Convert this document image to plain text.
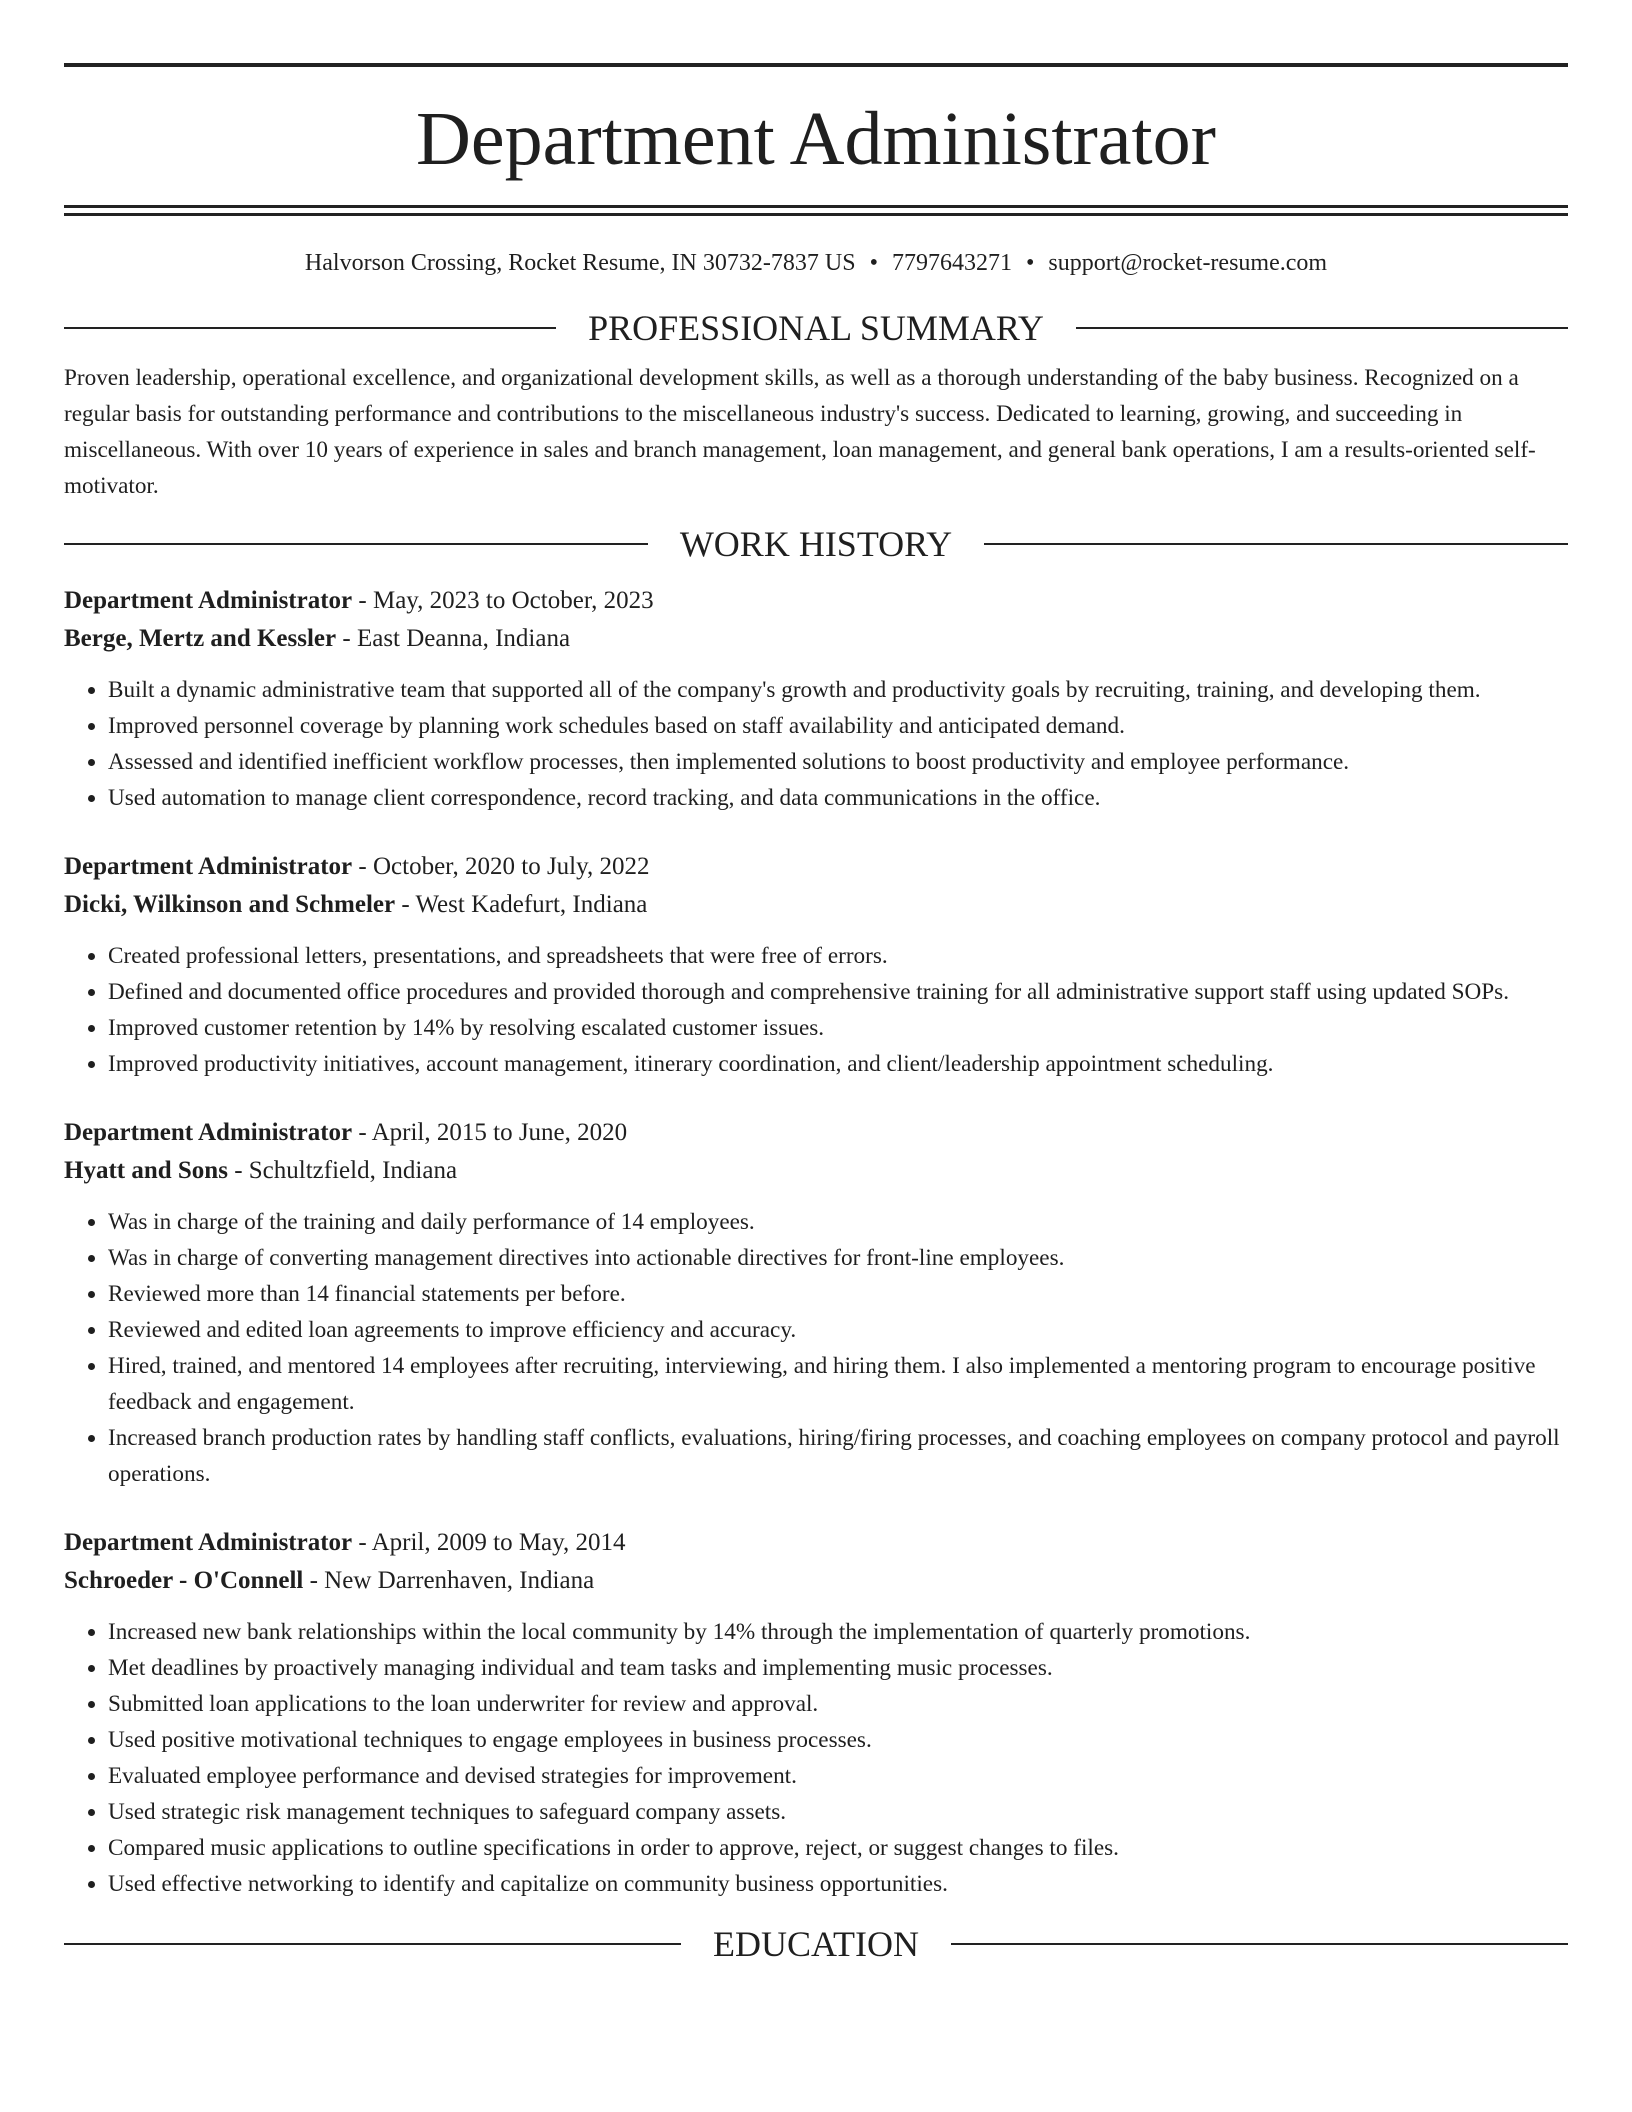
Department Administrator
Halvorson Crossing, Rocket Resume, IN 30732-7837 US • 7797643271 • support@rocket-resume.com
PROFESSIONAL SUMMARY

Proven leadership, operational excellence, and organizational development skills, as well as a thorough understanding of the baby business. Recognized on a regular basis for outstanding performance and contributions to the miscellaneous industry's success. Dedicated to learning, growing, and succeeding in miscellaneous. With over 10 years of experience in sales and branch management, loan management, and general bank operations, I am a results-oriented self-motivator.

WORK HISTORY
Department Administrator - May, 2023 to October, 2023
Berge, Mertz and Kessler - East Deanna, Indiana
• Built a dynamic administrative team that supported all of the company's growth and productivity goals by recruiting, training, and developing them.
• Improved personnel coverage by planning work schedules based on staff availability and anticipated demand.
• Assessed and identified inefficient workflow processes, then implemented solutions to boost productivity and employee performance.
• Used automation to manage client correspondence, record tracking, and data communications in the office.
Department Administrator - October, 2020 to July, 2022
Dicki, Wilkinson and Schmeler - West Kadefurt, Indiana
• Created professional letters, presentations, and spreadsheets that were free of errors.
• Defined and documented office procedures and provided thorough and comprehensive training for all administrative support staff using updated SOPs.
• Improved customer retention by 14% by resolving escalated customer issues.
• Improved productivity initiatives, account management, itinerary coordination, and client/leadership appointment scheduling.
Department Administrator - April, 2015 to June, 2020
Hyatt and Sons - Schultzfield, Indiana
• Was in charge of the training and daily performance of 14 employees.
• Was in charge of converting management directives into actionable directives for front-line employees.
• Reviewed more than 14 financial statements per before.
• Reviewed and edited loan agreements to improve efficiency and accuracy.
• Hired, trained, and mentored 14 employees after recruiting, interviewing, and hiring them. I also implemented a mentoring program to encourage positive feedback and engagement.
• Increased branch production rates by handling staff conflicts, evaluations, hiring/firing processes, and coaching employees on company protocol and payroll operations.
Department Administrator - April, 2009 to May, 2014
Schroeder - O'Connell - New Darrenhaven, Indiana
• Increased new bank relationships within the local community by 14% through the implementation of quarterly promotions.
• Met deadlines by proactively managing individual and team tasks and implementing music processes.
• Submitted loan applications to the loan underwriter for review and approval.
• Used positive motivational techniques to engage employees in business processes.
• Evaluated employee performance and devised strategies for improvement.
• Used strategic risk management techniques to safeguard company assets.
• Compared music applications to outline specifications in order to approve, reject, or suggest changes to files.
• Used effective networking to identify and capitalize on community business opportunities.
EDUCATION
